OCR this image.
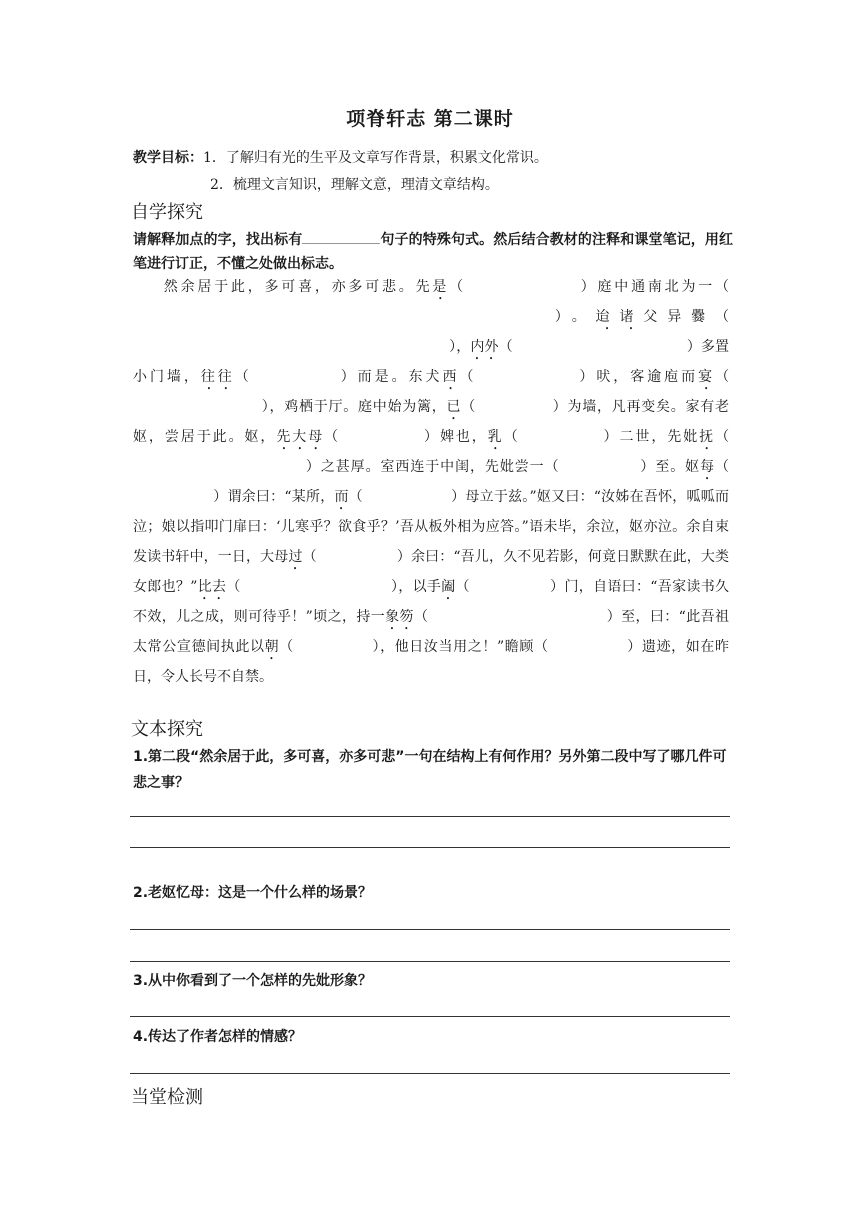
项脊轩志 第二课时
教学目标：1．了解归有光的生平及文章写作背景，积累文化常识。
2．梳理文言知识，理解文意，理清文章结构。
自学探究
请解释加点的字，找出标有	句子的特殊句式。然后结合教材的注释和课堂笔记，用红笔进行订正，不懂之处做出标志。
然余居于此，多可喜，亦多可悲。先是（	）庭中通南北为一（）。迨诸父异爨（），内外（	）多置小门墙，往往（	）而是。东犬西（	）吠，客逾庖而宴（），鸡栖于厅。庭中始为篱，已（	）为墙，凡再变矣。家有老妪，尝居于此。妪，先大母（	）婢也，乳（	）二世，先妣抚（）之甚厚。室西连于中闺，先妣尝一（	）至。妪每（）谓余曰：“某所，而（	）母立于兹。”妪又曰：“汝姊在吾怀，呱呱而泣；娘以指叩门扉曰：‘儿寒乎？欲食乎？’吾从板外相为应答。”语未毕，余泣，妪亦泣。余自束发读书轩中，一日，大母过（	）余曰：“吾儿，久不见若影，何竟日默默在此，大类女郎也？”比去（	），以手阖（	）门，自语曰：“吾家读书久不效，儿之成，则可待乎！”顷之，持一象笏（	）至，曰：“此吾祖太常公宣德间执此以朝（	），他日汝当用之！”瞻顾（	）遗迹，如在昨日，令人长号不自禁。
文本探究
1.第二段“然余居于此，多可喜，亦多可悲”一句在结构上有何作用？另外第二段中写了哪几件可悲之事？
2.老妪忆母：这是一个什么样的场景？
3.从中你看到了一个怎样的先妣形象？
4.传达了作者怎样的情感？
当堂检测
